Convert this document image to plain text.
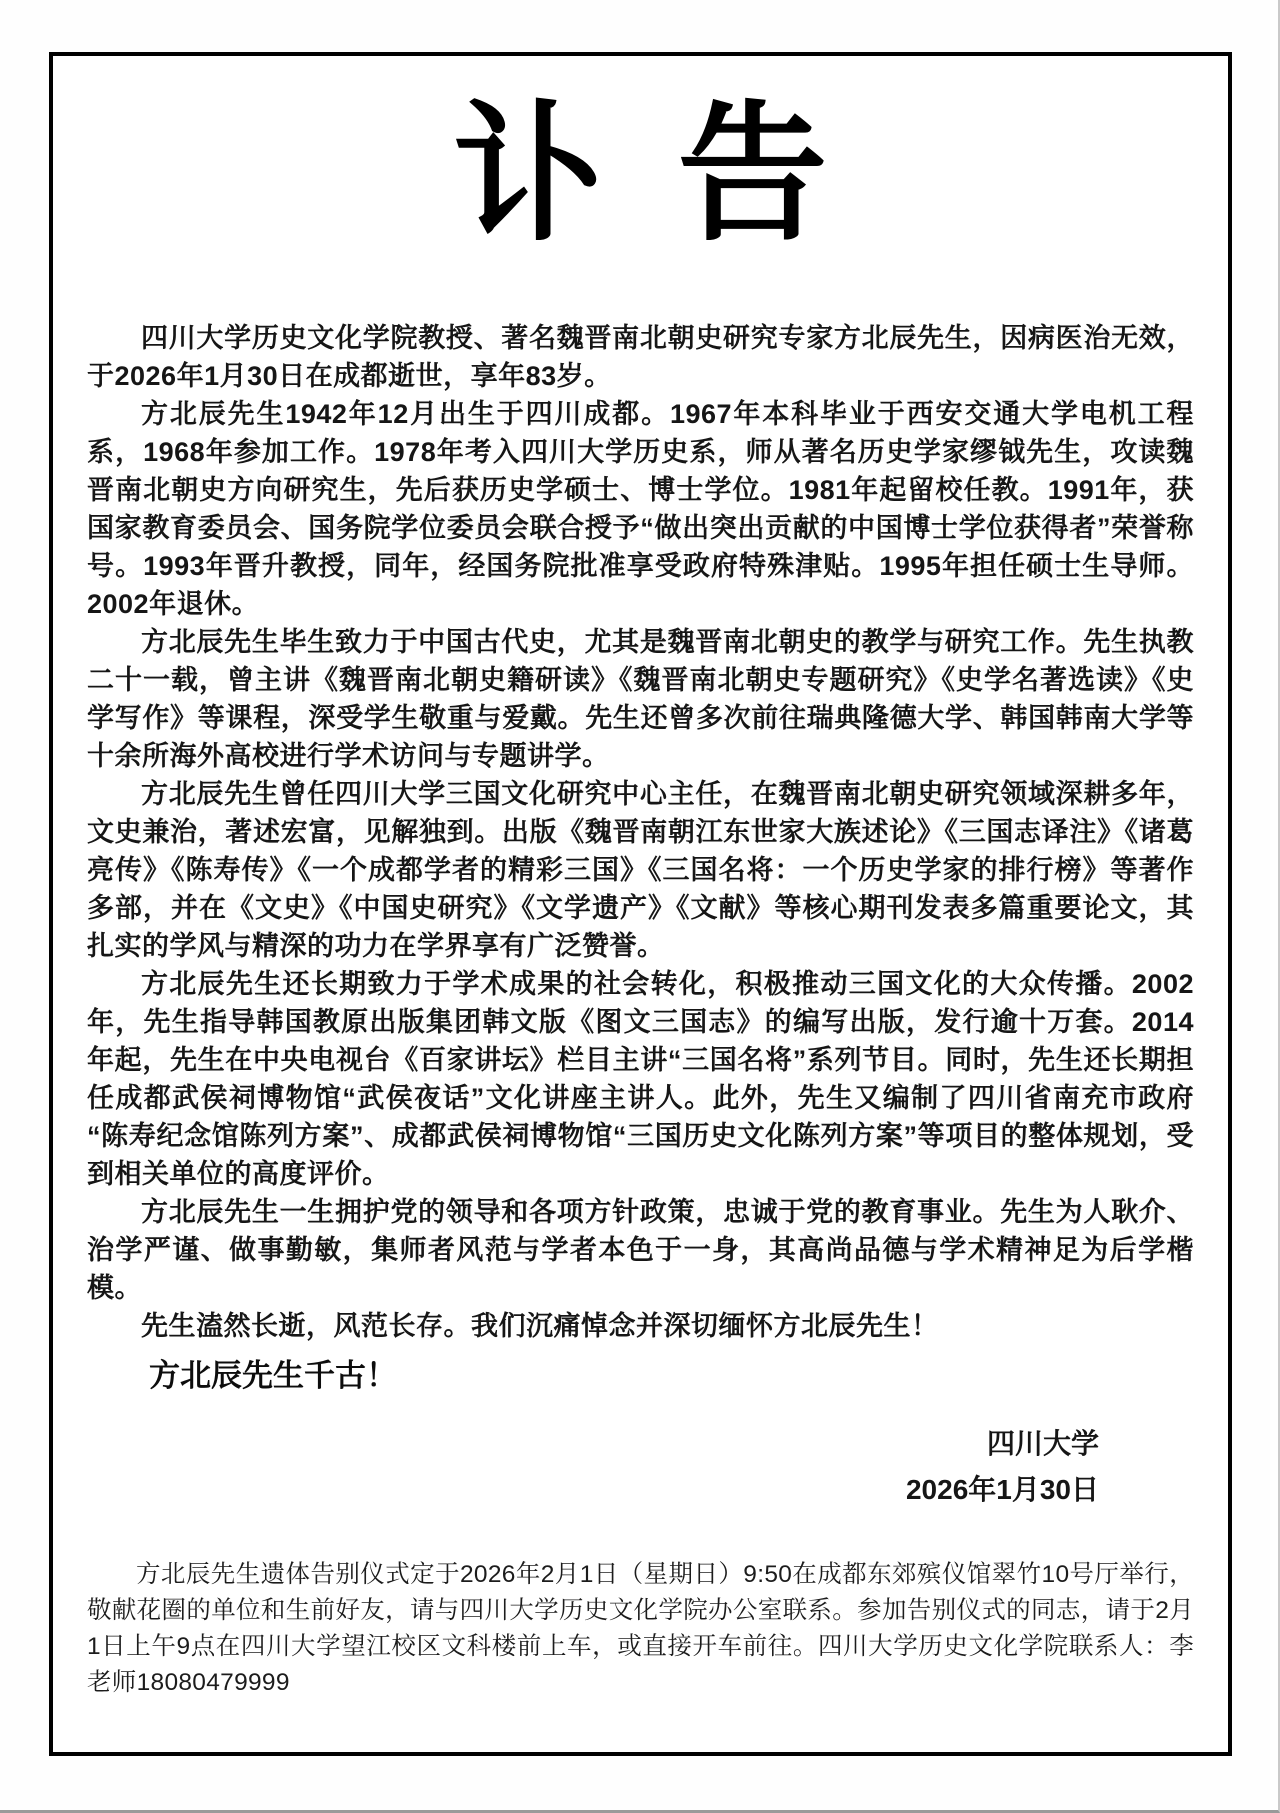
讣 告

四川大学历史文化学院教授、著名魏晋南北朝史研究专家方北辰先生，因病医治无效，于2026年1月30日在成都逝世，享年83岁。

方北辰先生1942年12月出生于四川成都。1967年本科毕业于西安交通大学电机工程系，1968年参加工作。1978年考入四川大学历史系，师从著名历史学家缪钺先生，攻读魏晋南北朝史方向研究生，先后获历史学硕士、博士学位。1981年起留校任教。1991年，获国家教育委员会、国务院学位委员会联合授予“做出突出贡献的中国博士学位获得者”荣誉称号。1993年晋升教授，同年，经国务院批准享受政府特殊津贴。1995年担任硕士生导师。2002年退休。

方北辰先生毕生致力于中国古代史，尤其是魏晋南北朝史的教学与研究工作。先生执教二十一载，曾主讲《魏晋南北朝史籍研读》《魏晋南北朝史专题研究》《史学名著选读》《史学写作》等课程，深受学生敬重与爱戴。先生还曾多次前往瑞典隆德大学、韩国韩南大学等十余所海外高校进行学术访问与专题讲学。

方北辰先生曾任四川大学三国文化研究中心主任，在魏晋南北朝史研究领域深耕多年，文史兼治，著述宏富，见解独到。出版《魏晋南朝江东世家大族述论》《三国志译注》《诸葛亮传》《陈寿传》《一个成都学者的精彩三国》《三国名将：一个历史学家的排行榜》等著作多部，并在《文史》《中国史研究》《文学遗产》《文献》等核心期刊发表多篇重要论文，其扎实的学风与精深的功力在学界享有广泛赞誉。

方北辰先生还长期致力于学术成果的社会转化，积极推动三国文化的大众传播。2002年，先生指导韩国教原出版集团韩文版《图文三国志》的编写出版，发行逾十万套。2014年起，先生在中央电视台《百家讲坛》栏目主讲“三国名将”系列节目。同时，先生还长期担任成都武侯祠博物馆“武侯夜话”文化讲座主讲人。此外，先生又编制了四川省南充市政府“陈寿纪念馆陈列方案”、成都武侯祠博物馆“三国历史文化陈列方案”等项目的整体规划，受到相关单位的高度评价。

方北辰先生一生拥护党的领导和各项方针政策，忠诚于党的教育事业。先生为人耿介、治学严谨、做事勤敏，集师者风范与学者本色于一身，其高尚品德与学术精神足为后学楷模。

先生溘然长逝，风范长存。我们沉痛悼念并深切缅怀方北辰先生！

方北辰先生千古！
四川大学
2026年1月30日

方北辰先生遗体告别仪式定于2026年2月1日（星期日）9:50在成都东郊殡仪馆翠竹10号厅举行，敬献花圈的单位和生前好友，请与四川大学历史文化学院办公室联系。参加告别仪式的同志，请于2月1日上午9点在四川大学望江校区文科楼前上车，或直接开车前往。四川大学历史文化学院联系人：李老师18080479999
